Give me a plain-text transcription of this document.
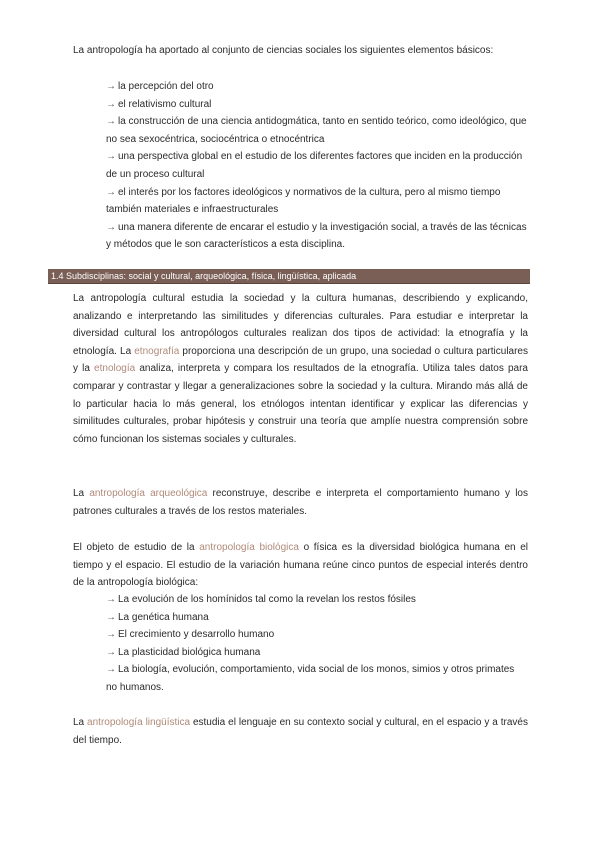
La antropología ha aportado al conjunto de ciencias sociales los siguientes elementos básicos:

→ la percepción del otro
→ el relativismo cultural
→ la construcción de una ciencia antidogmática, tanto en sentido teórico, como ideológico, que no sea sexocéntrica, sociocéntrica o etnocéntrica
→ una perspectiva global en el estudio de los diferentes factores que inciden en la producción de un proceso cultural
→ el interés por los factores ideológicos y normativos de la cultura, pero al mismo tiempo también materiales e infraestructurales
→ una manera diferente de encarar el estudio y la investigación social, a través de las técnicas y métodos que le son característicos a esta disciplina.
1.4 Subdisciplinas: social y cultural, arqueológica, física, lingüística, aplicada

La antropología cultural estudia la sociedad y la cultura humanas, describiendo y explicando, analizando e interpretando las similitudes y diferencias culturales. Para estudiar e interpretar la diversidad cultural los antropólogos culturales realizan dos tipos de actividad: la etnografía y la etnología. La etnografía proporciona una descripción de un grupo, una sociedad o cultura particulares y la etnología analiza, interpreta y compara los resultados de la etnografía. Utiliza tales datos para comparar y contrastar y llegar a generalizaciones sobre la sociedad y la cultura. Mirando más allá de lo particular hacia lo más general, los etnólogos intentan identificar y explicar las diferencias y similitudes culturales, probar hipótesis y construir una teoría que amplíe nuestra comprensión sobre cómo funcionan los sistemas sociales y culturales.

La antropología arqueológica reconstruye, describe e interpreta el comportamiento humano y los patrones culturales a través de los restos materiales.

El objeto de estudio de la antropología biológica o física es la diversidad biológica humana en el tiempo y el espacio. El estudio de la variación humana reúne cinco puntos de especial interés dentro de la antropología biológica:

→ La evolución de los homínidos tal como la revelan los restos fósiles
→ La genética humana
→ El crecimiento y desarrollo humano
→ La plasticidad biológica humana
→ La biología, evolución, comportamiento, vida social de los monos, simios y otros primates no humanos.

La antropología lingüística estudia el lenguaje en su contexto social y cultural, en el espacio y a través del tiempo.
